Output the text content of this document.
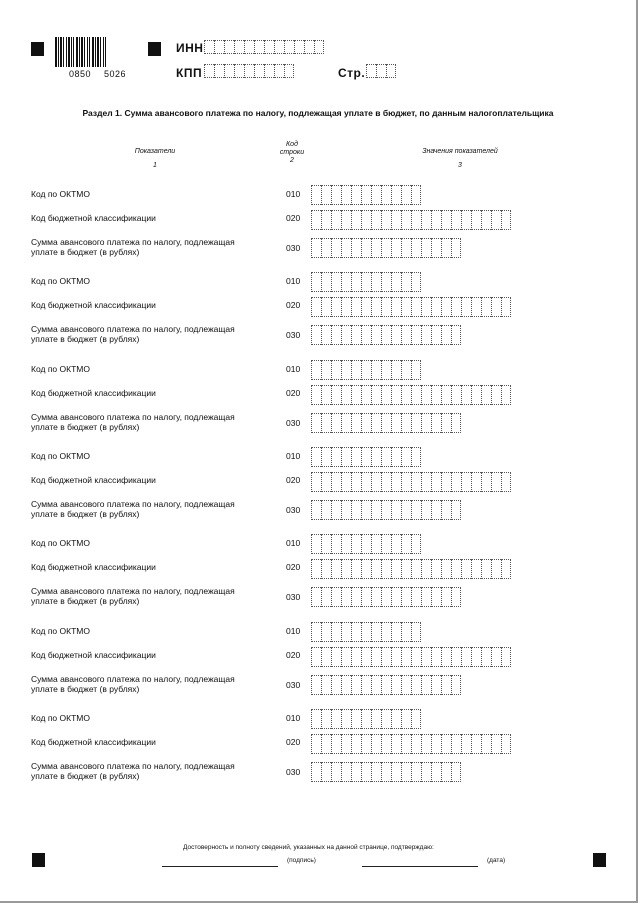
0850 5026
ИНН
КПП	Стр.
Раздел 1. Сумма авансового платежа по налогу, подлежащая уплате в бюджет, по данным налогоплательщика
Показатели
1
Код
строки
2
Значения показателей
3
Код по ОКТМО	010
Код бюджетной классификации	020
Сумма авансового платежа по налогу, подлежащая
уплате в бюджет (в рублях)	030
Код по ОКТМО	010
Код бюджетной классификации	020
Сумма авансового платежа по налогу, подлежащая
уплате в бюджет (в рублях)	030
Код по ОКТМО	010
Код бюджетной классификации	020
Сумма авансового платежа по налогу, подлежащая
уплате в бюджет (в рублях)	030
Код по ОКТМО	010
Код бюджетной классификации	020
Сумма авансового платежа по налогу, подлежащая
уплате в бюджет (в рублях)	030
Код по ОКТМО	010
Код бюджетной классификации	020
Сумма авансового платежа по налогу, подлежащая
уплате в бюджет (в рублях)	030
Код по ОКТМО	010
Код бюджетной классификации	020
Сумма авансового платежа по налогу, подлежащая
уплате в бюджет (в рублях)	030
Код по ОКТМО	010
Код бюджетной классификации	020
Сумма авансового платежа по налогу, подлежащая
уплате в бюджет (в рублях)	030
Достоверность и полноту сведений, указанных на данной странице, подтверждаю:
(подпись)	(дата)
